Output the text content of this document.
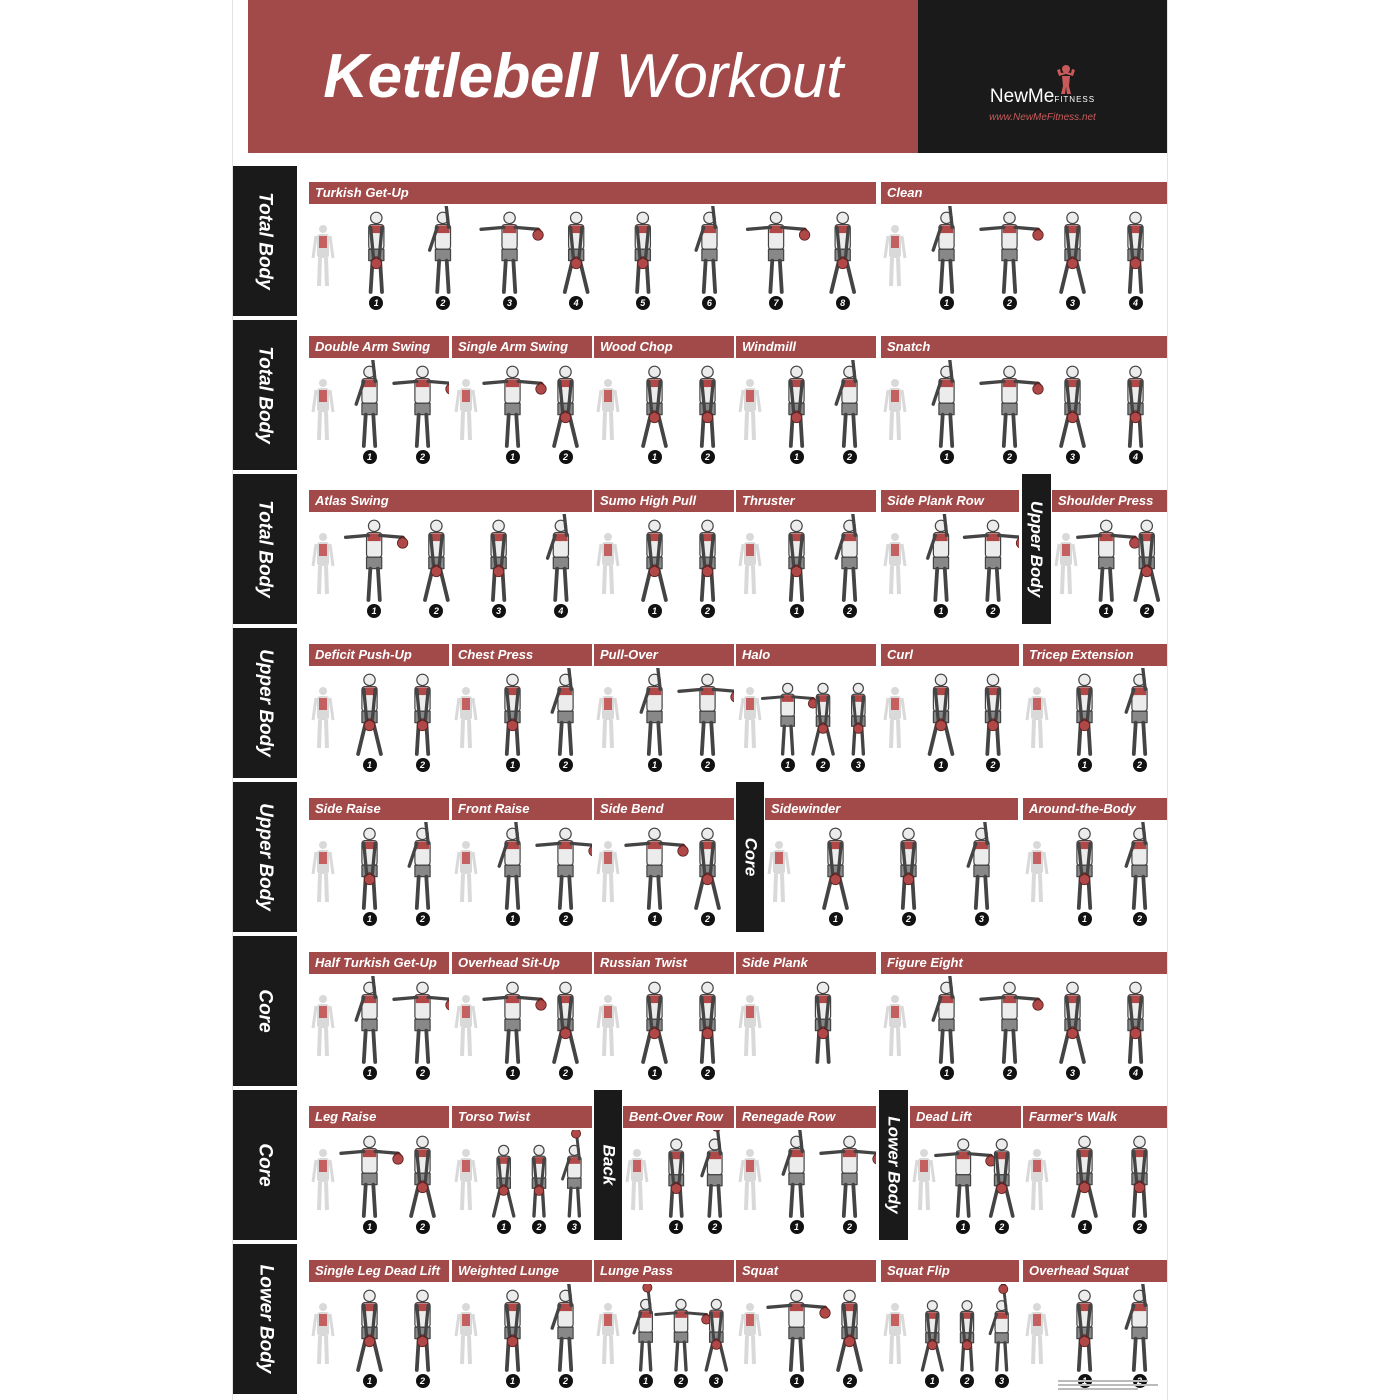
Kettlebell Workout	NewMeFITNESS
www.NewMeFitness.net
Total Body	Turkish Get-Up
1	2	3	4	5	6	7	8
Clean
1	2	3	4
Total Body	Double Arm Swing
1	2
Single Arm Swing
1	2
Wood Chop
1	2
Windmill
1	2
Snatch
1	2	3	4
Total Body	Upper Body
Atlas Swing
1	2	3	4
Sumo High Pull
1	2
Thruster
1	2
Side Plank Row
1	2
Shoulder Press
1	2
Upper Body	Deficit Push-Up
1	2
Chest Press
1	2
Pull-Over
1	2
Halo
1	2	3
Curl
1	2
Tricep Extension
1	2
Upper Body	Core
Side Raise
1	2
Front Raise
1	2
Side Bend
1	2
Sidewinder
1	2	3
Around-the-Body
1	2
Core
Half Turkish Get-Up
1	2
Overhead Sit-Up
1	2
Russian Twist
1	2
Side Plank	Figure Eight
1	2	3	4
Core	Back	Lower Body
Leg Raise
1	2
Torso Twist
1	2	3
Bent-Over Row
1	2
Renegade Row
1	2
Dead Lift
1	2
Farmer's Walk
1	2
Lower Body	Single Leg Dead Lift
1	2
Weighted Lunge
1	2
Lunge Pass
1	2	3
Squat
1	2
Squat Flip
1	2	3
Overhead Squat
